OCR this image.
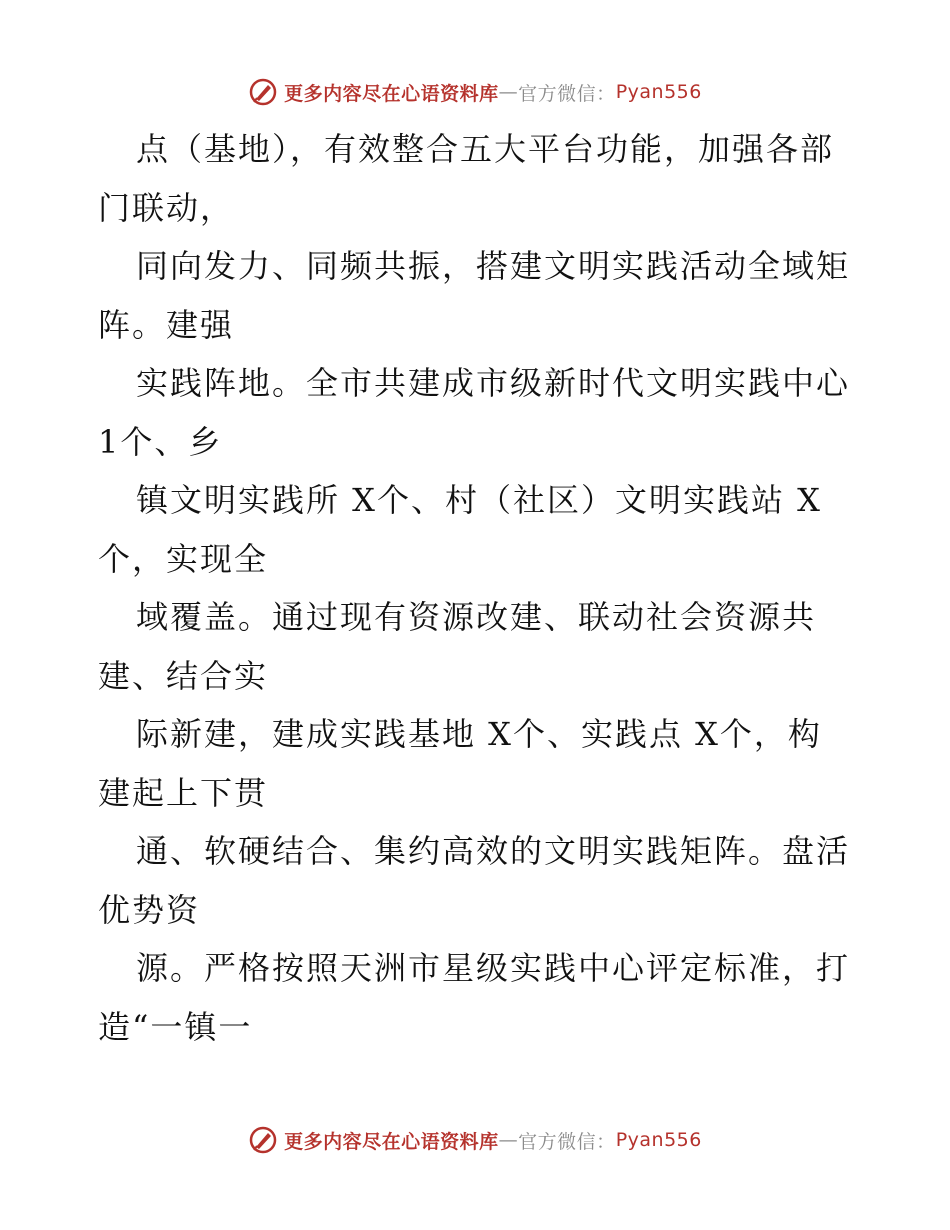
更多内容尽在心语资料库 — 官方微信： Pyan556
点（基地），有效整合五大平台功能，加强各部
门联动，
同向发力、同频共振，搭建文明实践活动全域矩
阵。建强
实践阵地。全市共建成市级新时代文明实践中心
1个、乡
镇文明实践所 X个、村（社区）文明实践站 X
个，实现全
域覆盖。通过现有资源改建、联动社会资源共
建、结合实
际新建，建成实践基地 X个、实践点 X个，构
建起上下贯
通、软硬结合、集约高效的文明实践矩阵。盘活
优势资
源。严格按照天洲市星级实践中心评定标准，打
造“一镇一
更多内容尽在心语资料库 — 官方微信： Pyan556
